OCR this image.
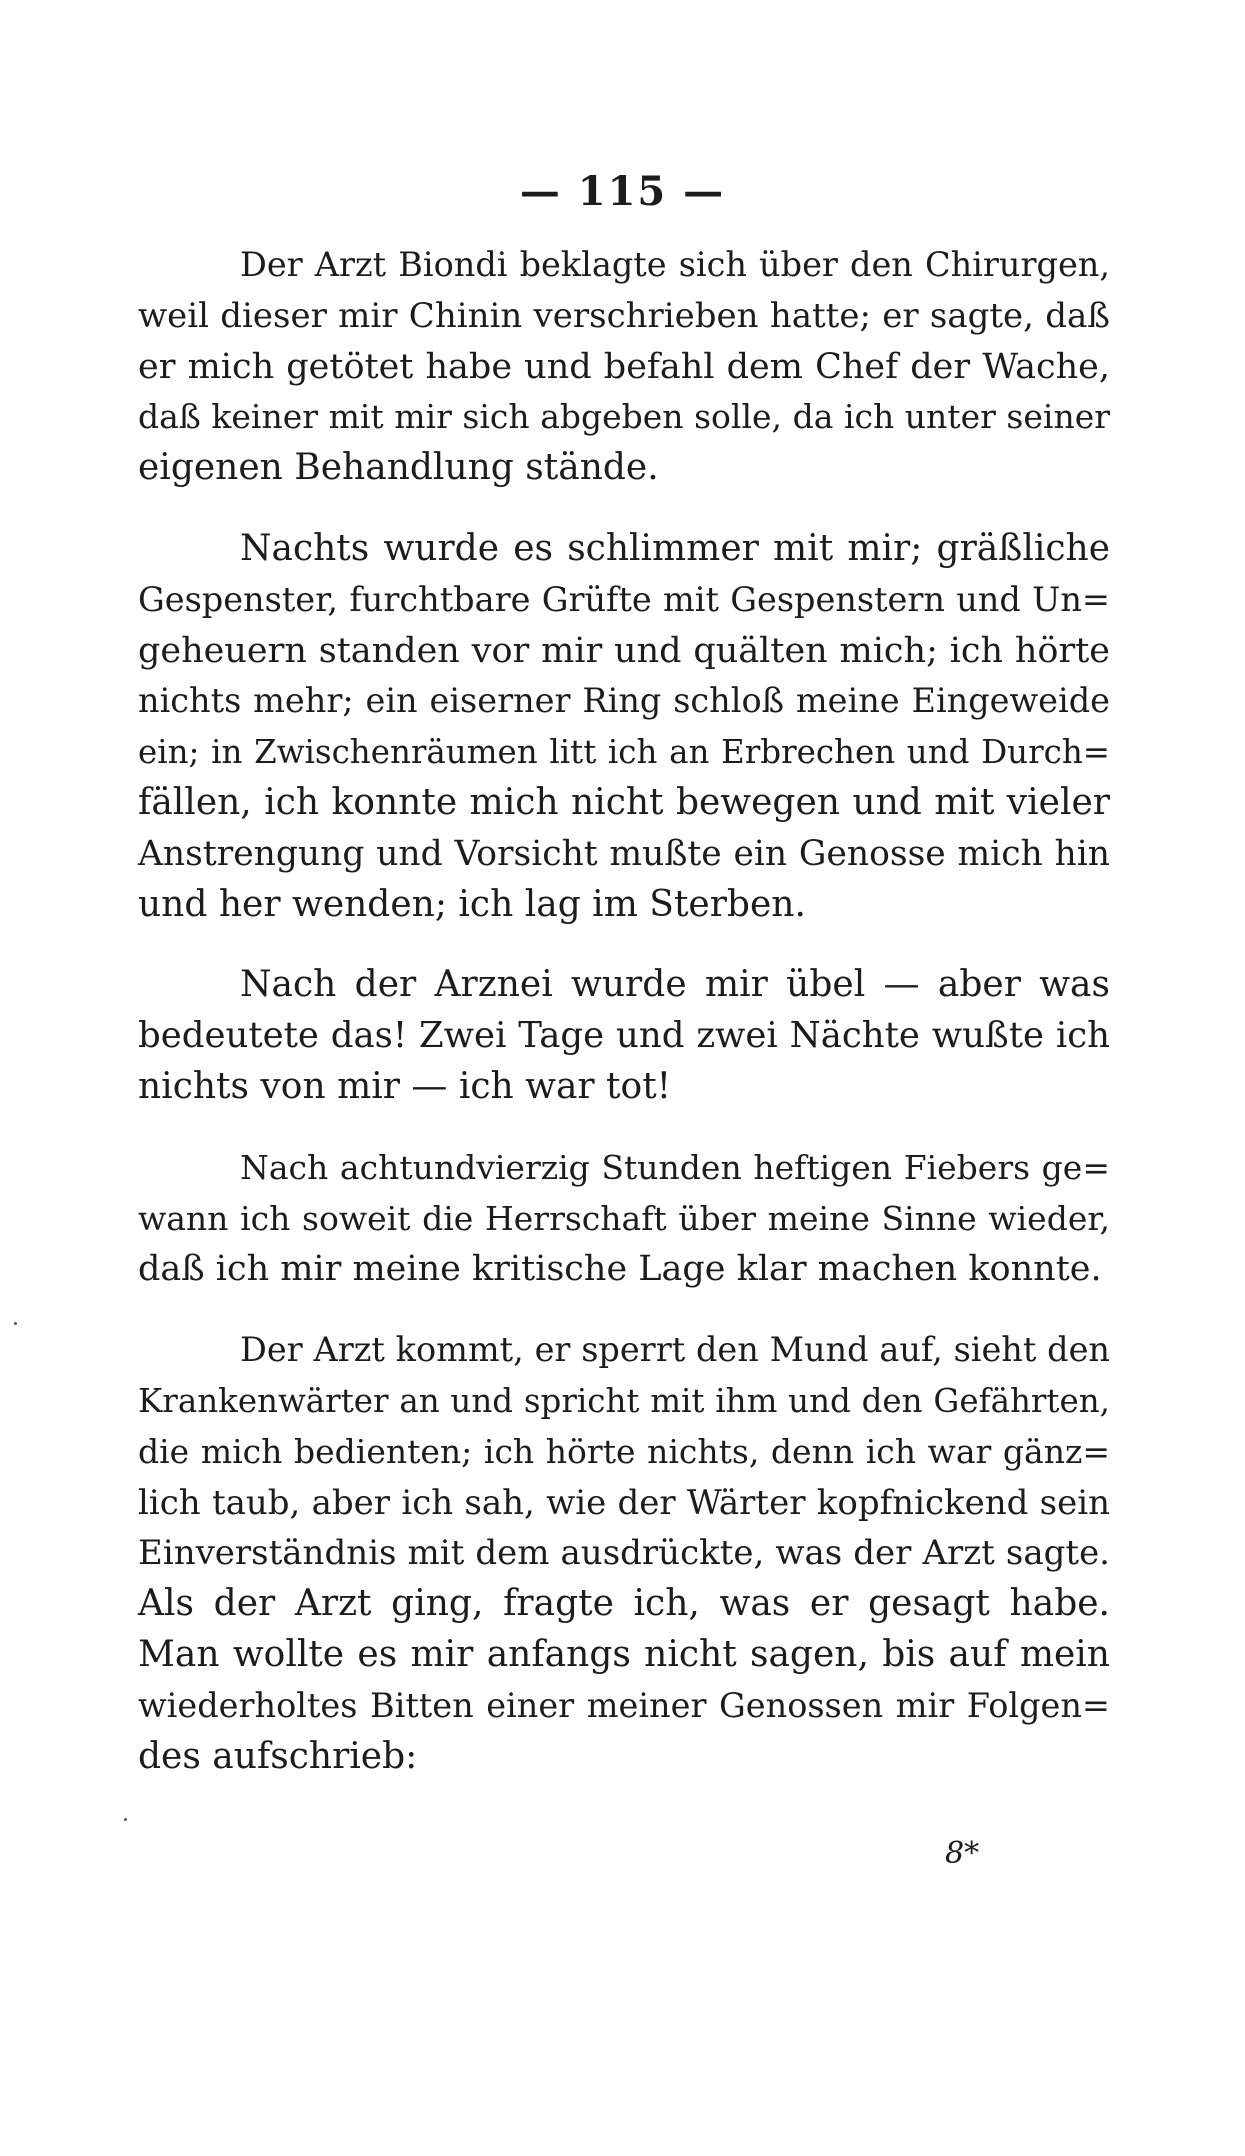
— 115 —

Der Arzt Biondi beklagte sich über den Chirurgen,
weil dieser mir Chinin verschrieben hatte; er sagte, daß
er mich getötet habe und befahl dem Chef der Wache,
daß keiner mit mir sich abgeben solle, da ich unter seiner
eigenen Behandlung stände.

Nachts wurde es schlimmer mit mir; gräßliche
Gespenster, furchtbare Grüfte mit Gespenstern und Un=
geheuern standen vor mir und quälten mich; ich hörte
nichts mehr; ein eiserner Ring schloß meine Eingeweide
ein; in Zwischenräumen litt ich an Erbrechen und Durch=
fällen, ich konnte mich nicht bewegen und mit vieler
Anstrengung und Vorsicht mußte ein Genosse mich hin
und her wenden; ich lag im Sterben.

Nach der Arznei wurde mir übel — aber was
bedeutete das! Zwei Tage und zwei Nächte wußte ich
nichts von mir — ich war tot!

Nach achtundvierzig Stunden heftigen Fiebers ge=
wann ich soweit die Herrschaft über meine Sinne wieder,
daß ich mir meine kritische Lage klar machen konnte.

Der Arzt kommt, er sperrt den Mund auf, sieht den
Krankenwärter an und spricht mit ihm und den Gefährten,
die mich bedienten; ich hörte nichts, denn ich war gänz=
lich taub, aber ich sah, wie der Wärter kopfnickend sein
Einverständnis mit dem ausdrückte, was der Arzt sagte.
Als der Arzt ging, fragte ich, was er gesagt habe.
Man wollte es mir anfangs nicht sagen, bis auf mein
wiederholtes Bitten einer meiner Genossen mir Folgen=
des aufschrieb:

8*
